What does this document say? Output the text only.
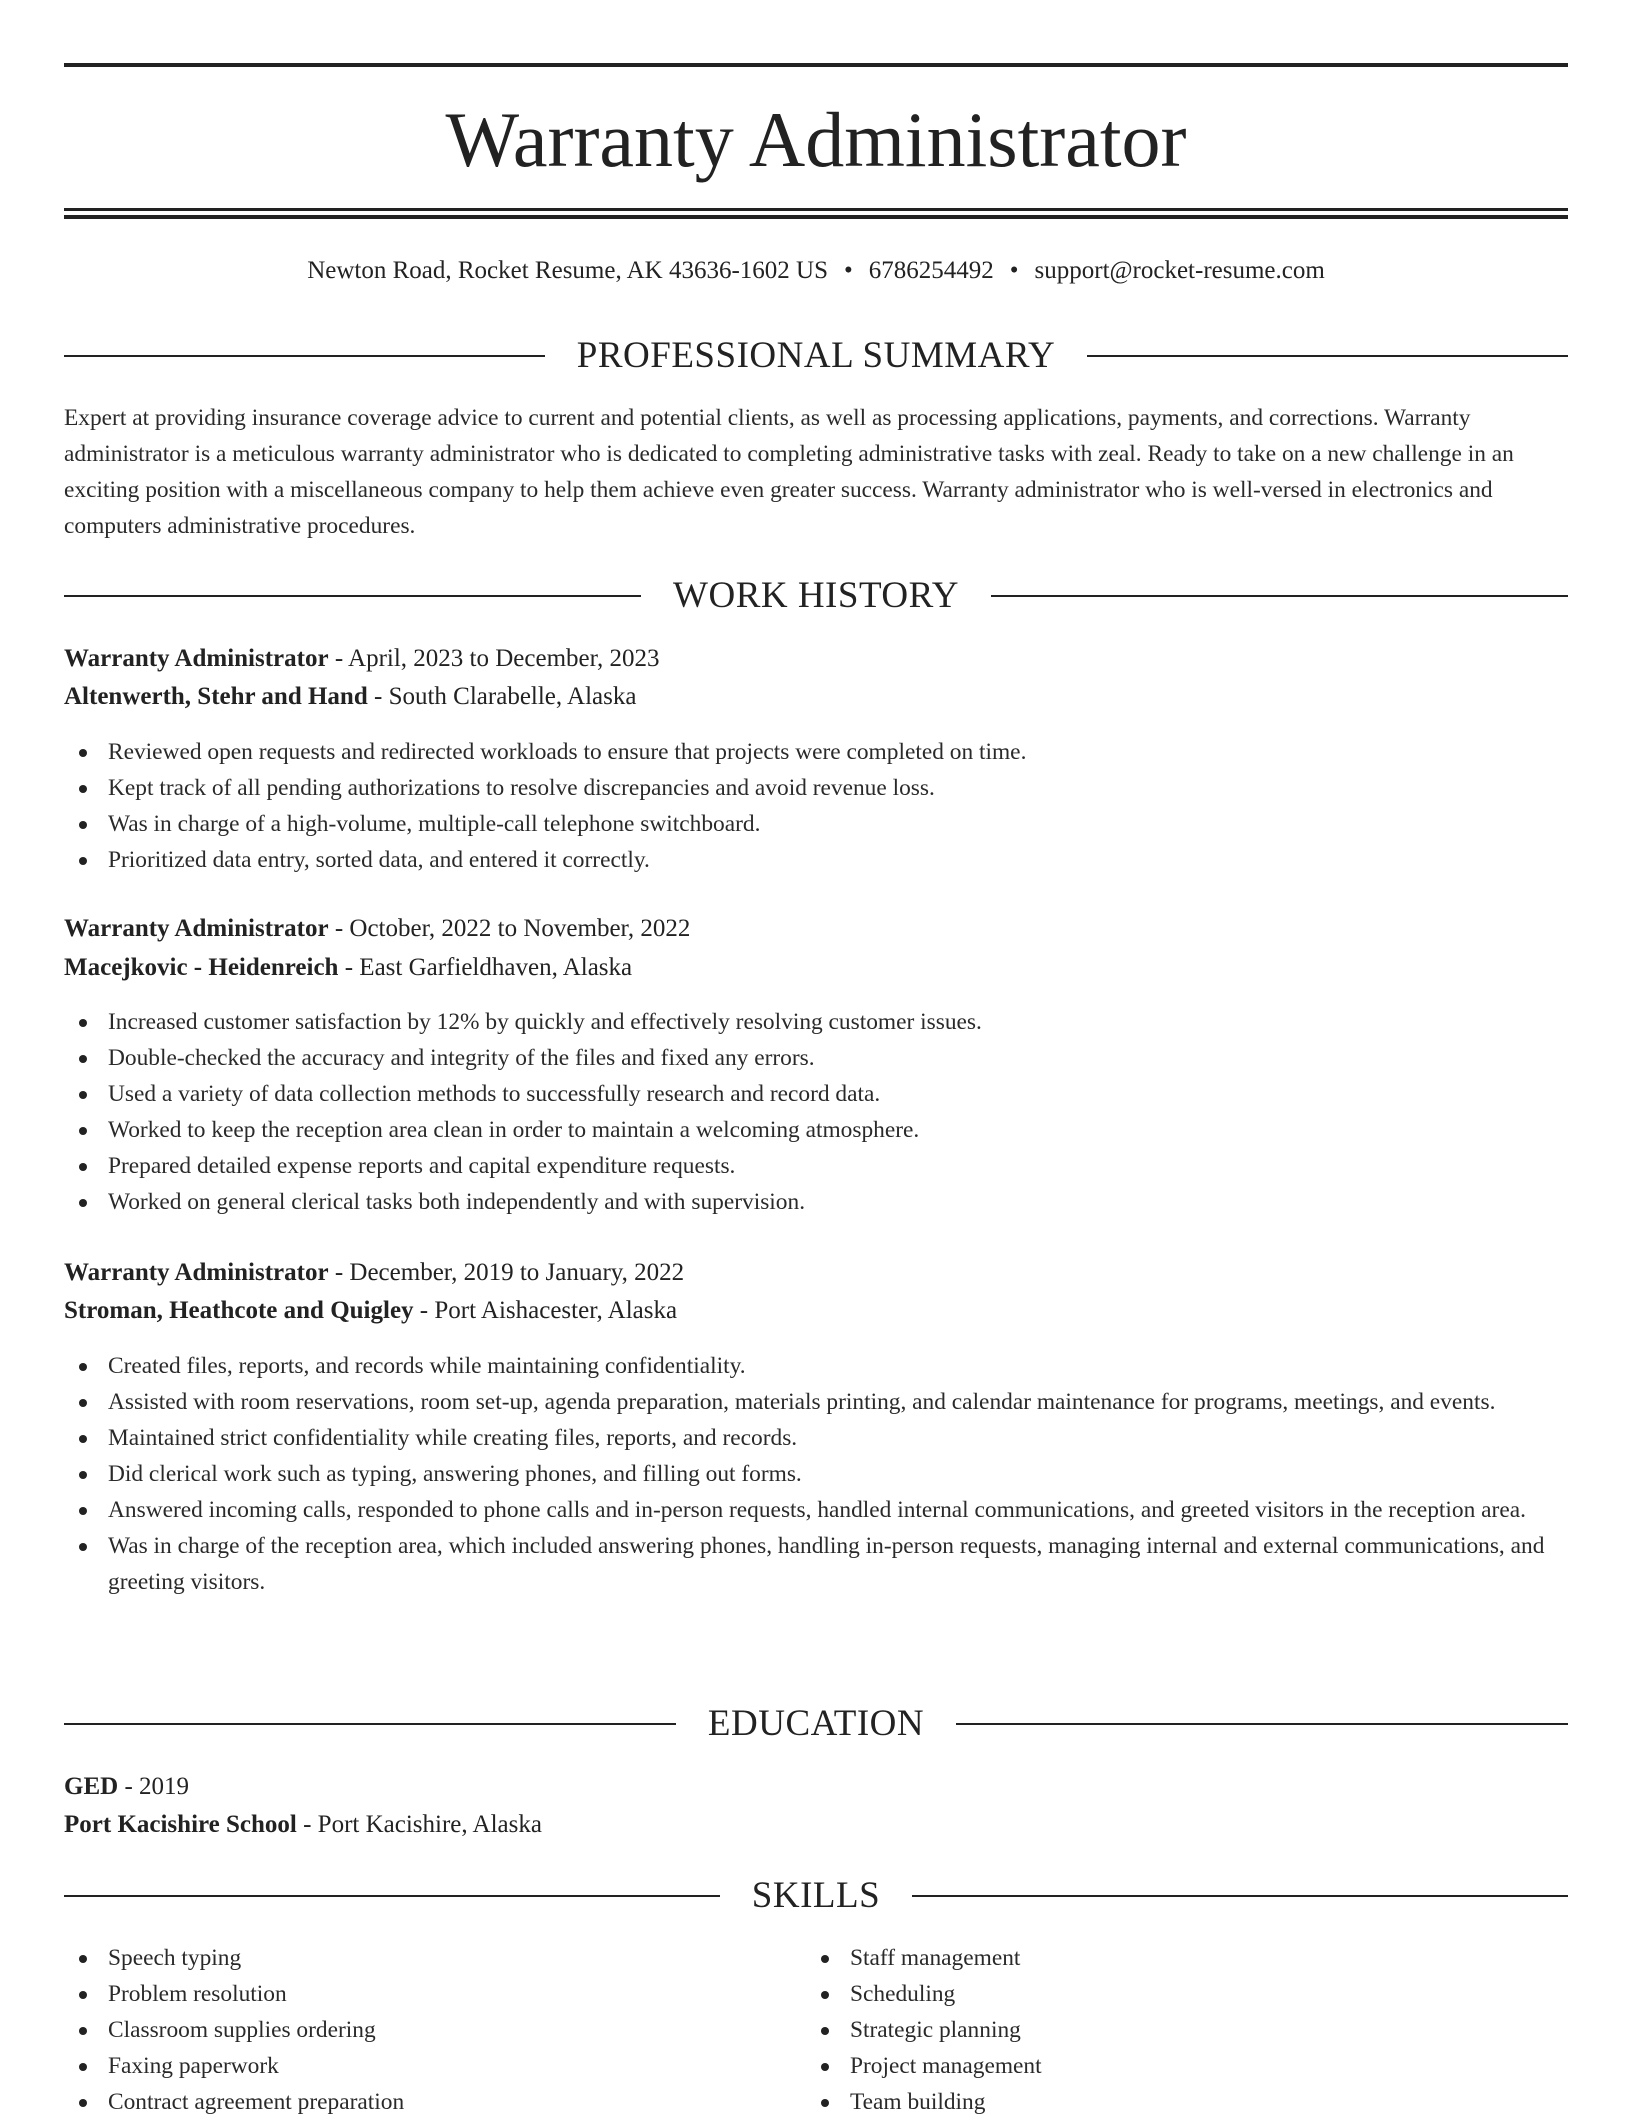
Warranty Administrator
Newton Road, Rocket Resume, AK 43636-1602 US • 6786254492 • support@rocket-resume.com
PROFESSIONAL SUMMARY

Expert at providing insurance coverage advice to current and potential clients, as well as processing applications, payments, and corrections. Warranty administrator is a meticulous warranty administrator who is dedicated to completing administrative tasks with zeal. Ready to take on a new challenge in an exciting position with a miscellaneous company to help them achieve even greater success. Warranty administrator who is well-versed in electronics and computers administrative procedures.

WORK HISTORY
Warranty Administrator - April, 2023 to December, 2023
Altenwerth, Stehr and Hand - South Clarabelle, Alaska
Reviewed open requests and redirected workloads to ensure that projects were completed on time.
Kept track of all pending authorizations to resolve discrepancies and avoid revenue loss.
Was in charge of a high-volume, multiple-call telephone switchboard.
Prioritized data entry, sorted data, and entered it correctly.
Warranty Administrator - October, 2022 to November, 2022
Macejkovic - Heidenreich - East Garfieldhaven, Alaska
Increased customer satisfaction by 12% by quickly and effectively resolving customer issues.
Double-checked the accuracy and integrity of the files and fixed any errors.
Used a variety of data collection methods to successfully research and record data.
Worked to keep the reception area clean in order to maintain a welcoming atmosphere.
Prepared detailed expense reports and capital expenditure requests.
Worked on general clerical tasks both independently and with supervision.
Warranty Administrator - December, 2019 to January, 2022
Stroman, Heathcote and Quigley - Port Aishacester, Alaska
Created files, reports, and records while maintaining confidentiality.
Assisted with room reservations, room set-up, agenda preparation, materials printing, and calendar maintenance for programs, meetings, and events.
Maintained strict confidentiality while creating files, reports, and records.
Did clerical work such as typing, answering phones, and filling out forms.
Answered incoming calls, responded to phone calls and in-person requests, handled internal communications, and greeted visitors in the reception area.
Was in charge of the reception area, which included answering phones, handling in-person requests, managing internal and external communications, and greeting visitors.
EDUCATION
GED - 2019
Port Kacishire School - Port Kacishire, Alaska
SKILLS
Speech typing
Problem resolution
Classroom supplies ordering
Faxing paperwork
Contract agreement preparation
Staff management
Scheduling
Strategic planning
Project management
Team building
